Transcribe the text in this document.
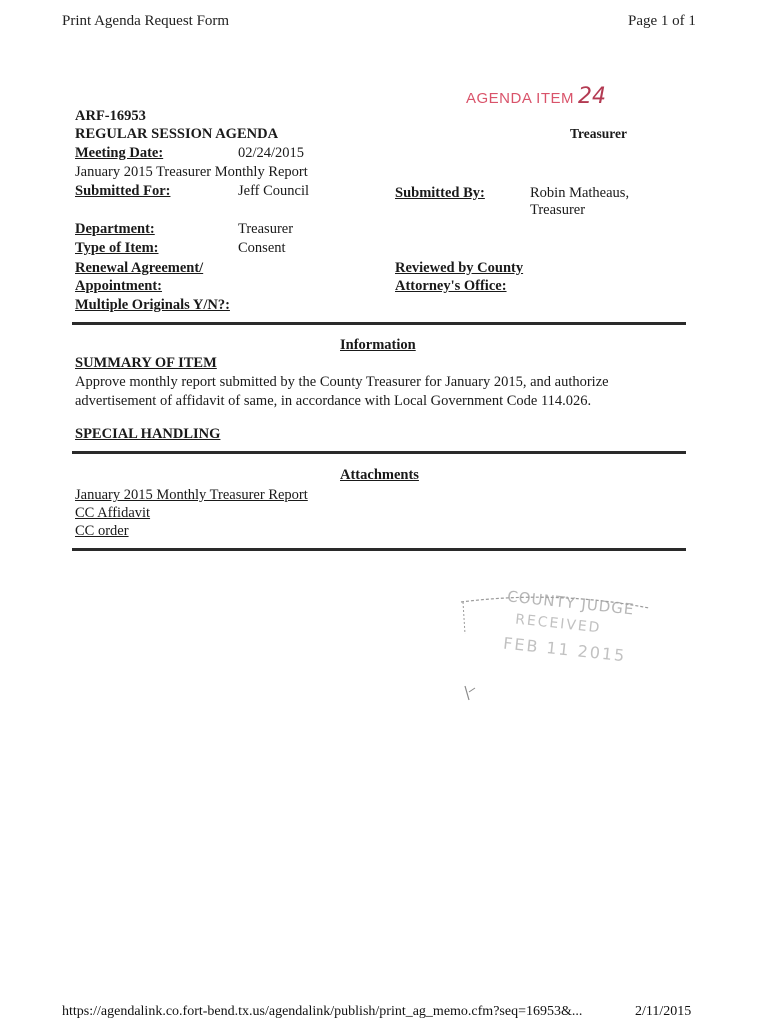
Print Agenda Request Form	Page 1 of 1
AGENDA ITEM 24
ARF-16953
REGULAR SESSION AGENDA	Treasurer
Meeting Date:	02/24/2015
January 2015 Treasurer Monthly Report
Submitted For:	Jeff Council	Submitted By:	Robin Matheaus,
Treasurer
Department:	Treasurer
Type of Item:	Consent
Renewal Agreement/
Appointment:
Multiple Originals Y/N?:
Reviewed by County
Attorney's Office:
Information
SUMMARY OF ITEM
Approve monthly report submitted by the County Treasurer for January 2015, and authorize
advertisement of affidavit of same, in accordance with Local Government Code 114.026.
SPECIAL HANDLING
Attachments
January 2015 Monthly Treasurer Report
CC Affidavit
CC order
COUNTY JUDGE
RECEIVED
FEB 11 2015
https://agendalink.co.fort-bend.tx.us/agendalink/publish/print_ag_memo.cfm?seq=16953&...	2/11/2015
